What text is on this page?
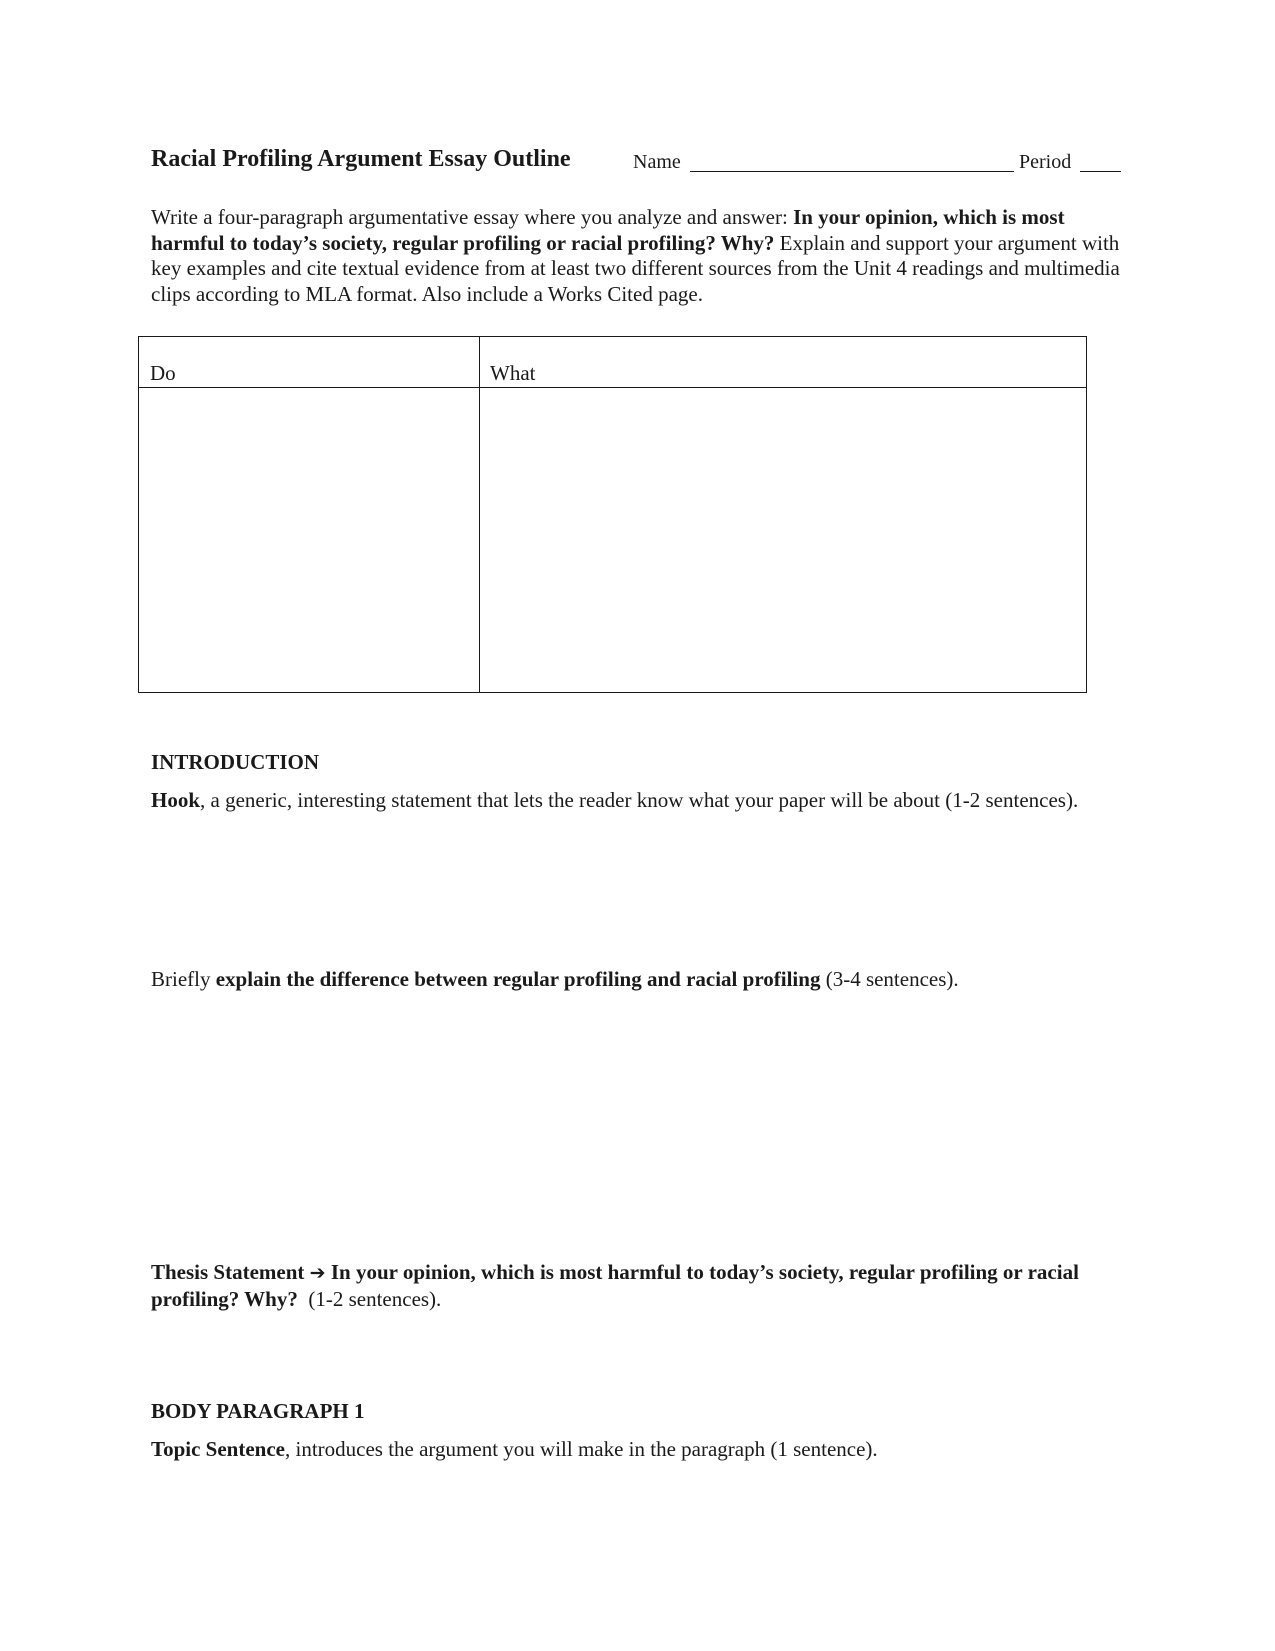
Racial Profiling Argument Essay Outline	Name	Period
Write a four-paragraph argumentative essay where you analyze and answer: In your opinion, which is most harmful to today’s society, regular profiling or racial profiling? Why? Explain and support your argument with key examples and cite textual evidence from at least two different sources from the Unit 4 readings and multimedia clips according to MLA format. Also include a Works Cited page.
Do	What
INTRODUCTION
Hook, a generic, interesting statement that lets the reader know what your paper will be about (1-2 sentences).
Briefly explain the difference between regular profiling and racial profiling (3-4 sentences).
Thesis Statement ➔ In your opinion, which is most harmful to today’s society, regular profiling or racial profiling? Why?  (1-2 sentences).
BODY PARAGRAPH 1
Topic Sentence, introduces the argument you will make in the paragraph (1 sentence).
